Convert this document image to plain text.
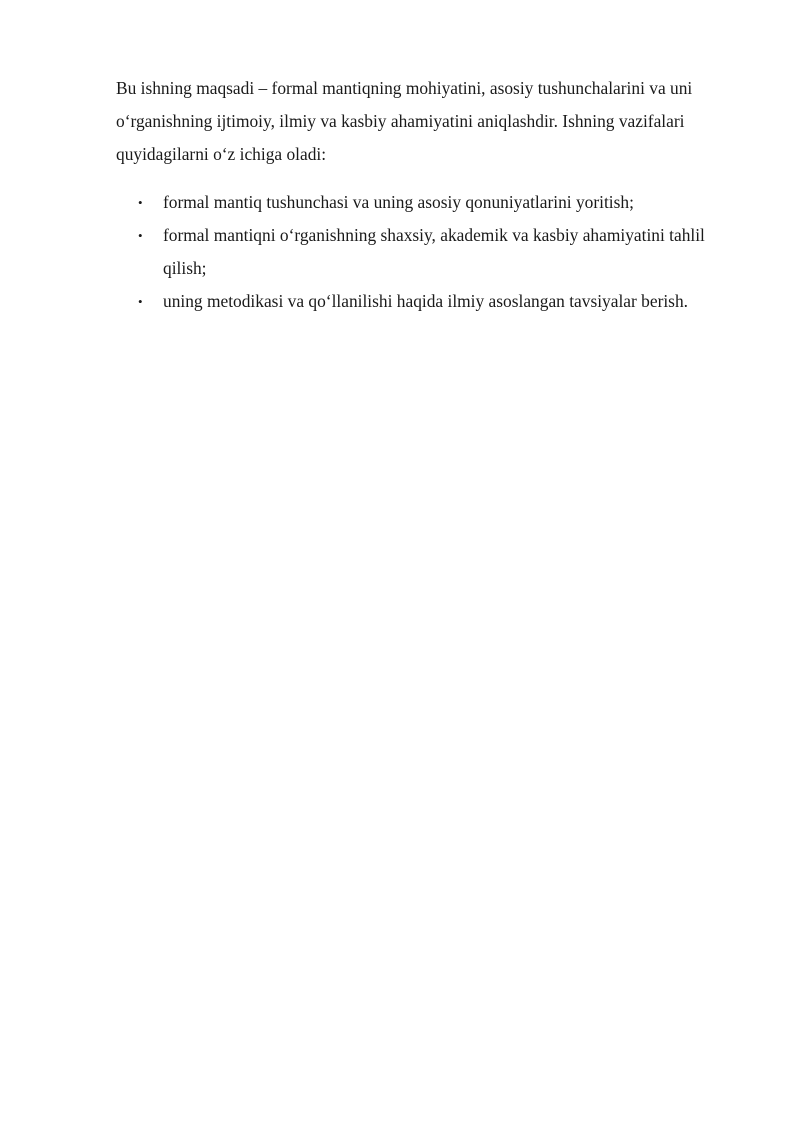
Bu ishning maqsadi – formal mantiqning mohiyatini, asosiy tushunchalarini va uni o‘rganishning ijtimoiy, ilmiy va kasbiy ahamiyatini aniqlashdir. Ishning vazifalari quyidagilarni o‘z ichiga oladi:

• formal mantiq tushunchasi va uning asosiy qonuniyatlarini yoritish;
• formal mantiqni o‘rganishning shaxsiy, akademik va kasbiy ahamiyatini tahlil qilish;
• uning metodikasi va qo‘llanilishi haqida ilmiy asoslangan tavsiyalar berish.
